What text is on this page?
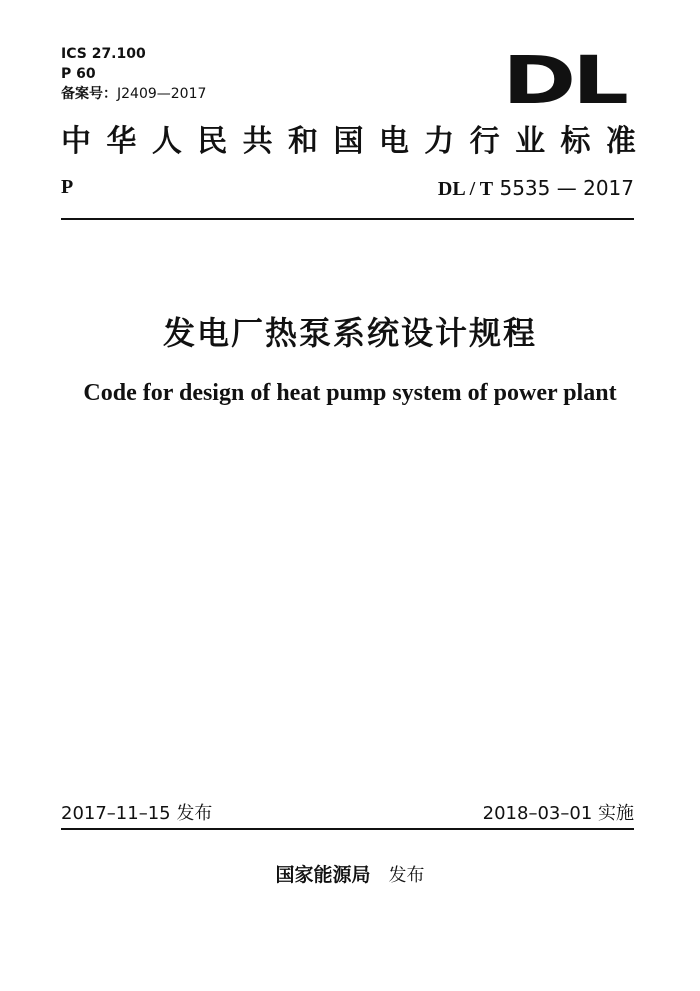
ICS 27.100
P 60
备案号：J2409—2017	DL
中 华 人 民 共 和 国 电 力 行 业 标 准
P	DL / T 5535 — 2017
发电厂热泵系统设计规程
Code for design of heat pump system of power plant
2017–11–15 发布	2018–03–01 实施
国家能源局 发布
